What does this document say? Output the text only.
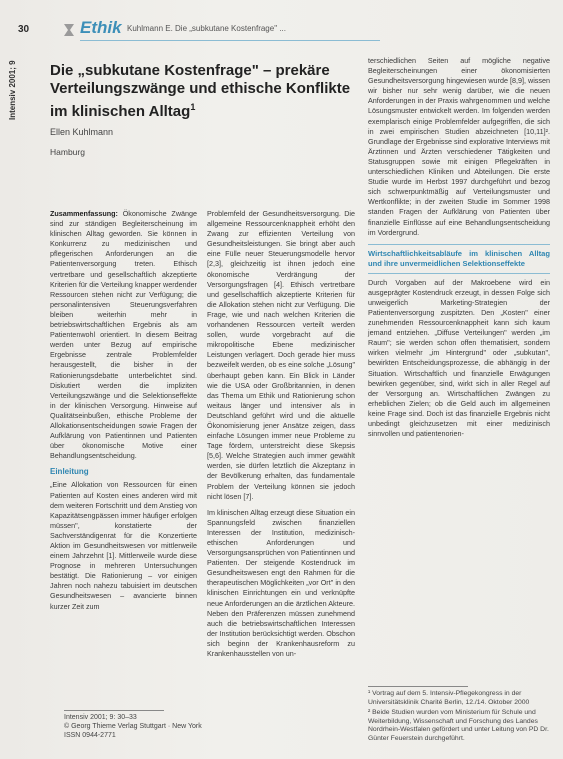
30	Ethik Kuhlmann E. Die „subkutane Kostenfrage" ...
Intensiv 2001; 9 Die „subkutane Kostenfrage" – prekäre Verteilungszwänge und ethische Konflikte im klinischen Alltag$^1$
Ellen Kuhlmann
Hamburg

Zusammenfassung: Ökonomische Zwänge sind zur ständigen Begleiterscheinung im klinischen Alltag geworden. Sie können in Konkurrenz zu medizinischen und pflegerischen Anforderungen an die Patientenversorgung treten. Ethisch vertretbare und gesellschaftlich akzeptierte Kriterien für die Verteilung knapper werdender Ressourcen stehen nicht zur Verfügung; die personalintensiven Steuerungsverfahren bleiben weiterhin mehr in betriebswirtschaftlichen Ergebnis als am Patientenwohl orientiert. In diesem Beitrag werden unter Bezug auf empirische Ergebnisse zentrale Problemfelder herausgestellt, die bisher in der Rationierungsdebatte unterbelichtet sind. Diskutiert werden die impliziten Verteilungszwänge und die Selektionseffekte in der klinischen Versorgung. Hinweise auf Qualitätseinbußen, ethische Probleme der Allokationsentscheidungen sowie Fragen der Aufklärung von Patientinnen und Patienten über ökonomische Motive einer Behandlungsentscheidung.

Einleitung

„Eine Allokation von Ressourcen für einen Patienten auf Kosten eines anderen wird mit dem weiteren Fortschritt und dem Anstieg von Kapazitätsengpässen immer häufiger erfolgen müssen", konstatierte der Sachverständigenrat für die Konzertierte Aktion im Gesundheitswesen vor mittlerweile einem Jahrzehnt [1]. Mittlerweile wurde diese Prognose in mehreren Untersuchungen bestätigt. Die Rationierung – vor einigen Jahren noch nahezu tabuisiert im deutschen Gesundheitswesen – avancierte binnen kurzer Zeit zum

Problemfeld der Gesundheitsversorgung. Die allgemeine Ressourcenknappheit erhöht den Zwang zur effizienten Verteilung von Gesundheitsleistungen. Sie bringt aber auch eine Fülle neuer Steuerungsmodelle hervor [2,3], gleichzeitig ist ihnen jedoch eine ökonomische Verdrängung der Versorgungsfragen [4]. Ethisch vertretbare und gesellschaftlich akzeptierte Kriterien für die Allokation stehen nicht zur Verfügung. Die Frage, wie und nach welchen Kriterien die vorhandenen Ressourcen verteilt werden sollen, wurde vorgebracht auf die mikropolitische Ebene medizinischer Leistungen verlagert. Doch gerade hier muss bezweifelt werden, ob es eine solche „Lösung" überhaupt geben kann. Ein Blick in Länder wie die USA oder Großbritannien, in denen das Thema um Ethik und Rationierung schon weitaus länger und intensiver als in Deutschland geführt wird und die aktuelle Ökonomisierung jener Ansätze zeigen, dass einfache Lösungen immer neue Probleme zu Tage fördern, unterstreicht diese Skepsis [5,6]. Welche Strategien auch immer gewählt werden, sie dürfen letztlich die Akzeptanz in der Bevölkerung erhalten, das fundamentale Problem der Verteilung können sie jedoch nicht lösen [7].

Im klinischen Alltag erzeugt diese Situation ein Spannungsfeld zwischen finanziellen Interessen der Institution, medizinisch-ethischen Anforderungen und Versorgungsansprüchen von Patientinnen und Patienten. Der steigende Kostendruck im Gesundheitswesen engt den Rahmen für die therapeutischen Möglichkeiten „vor Ort" in den klinischen Einrichtungen ein und verknüpfte neue Anforderungen an die ärztlichen Akteure. Neben den Präferenzen müssen zunehmend auch die betriebswirtschaftlichen Interessen der Institution berücksichtigt werden. Obschon sich beginn der Krankenhausreform zu Krankenhausstellen von un-

terschiedlichen Seiten auf mögliche negative Begleiterscheinungen einer ökonomisierten Gesundheitsversorgung hingewiesen wurde [8,9], wissen wir bisher nur sehr wenig darüber, wie die neuen Anforderungen in der Praxis wahrgenommen und welche Lösungsmuster entwickelt werden. Im folgenden werden exemplarisch einige Problemfelder aufgegriffen, die sich in zwei empirischen Studien abzeichneten [10,11]². Grundlage der Ergebnisse sind explorative Interviews mit Ärztinnen und Ärzten verschiedener Tätigkeiten und Statusgruppen sowie mit einigen Pflegekräften in unterschiedlichen Kliniken und Abteilungen. Die erste Studie wurde im Herbst 1997 durchgeführt und bezog sich schwerpunktmäßig auf Verteilungsmuster und Wertkonflikte; in der zweiten Studie im Sommer 1998 standen Fragen der Aufklärung von Patienten über finanzielle Einflüsse auf eine Behandlungsentscheidung im Vordergrund.

Wirtschaftlichkeitsabläufe im klinischen Alltag und ihre unvermeidlichen Selektionseffekte

Durch Vorgaben auf der Makroebene wird ein ausgeprägter Kostendruck erzeugt, in dessen Folge sich unweigerlich Marketing-Strategien der Patientenversorgung zuspitzten. Den „Kosten" einer zunehmenden Ressourcenknappheit kann sich kaum jemand entziehen. „Diffuse Verteilungen" werden „im Raum"; sie werden schon offen thematisiert, sondern wirken vielmehr „im Hintergrund" oder „subkutan", bewirkten Entscheidungsprozesse, die abhängig in der Situation. Wirtschaftlich und finanzielle Erwägungen bewirken gegenüber, sind, wirkt sich in aller Regel auf der Versorgung an. Wirtschaftlichen Zwängen zu erheblichen Zielen; ob die Geld auch im allgemeinen keine Frage sind. Doch ist das finanzielle Ergebnis nicht unbedingt gleichzusetzen mit einer medizinisch sinnvollen und patientenorien-

Intensiv 2001; 9: 30–33
© Georg Thieme Verlag Stuttgart · New York
ISSN 0944-2771

¹ Vortrag auf dem 5. Intensiv-Pflegekongress in der Universitätsklinik Charité Berlin, 12./14. Oktober 2000

² Beide Studien wurden vom Ministerium für Schule und Weiterbildung, Wissenschaft und Forschung des Landes Nordrhein-Westfalen gefördert und unter Leitung von PD Dr. Günter Feuerstein durchgeführt.
